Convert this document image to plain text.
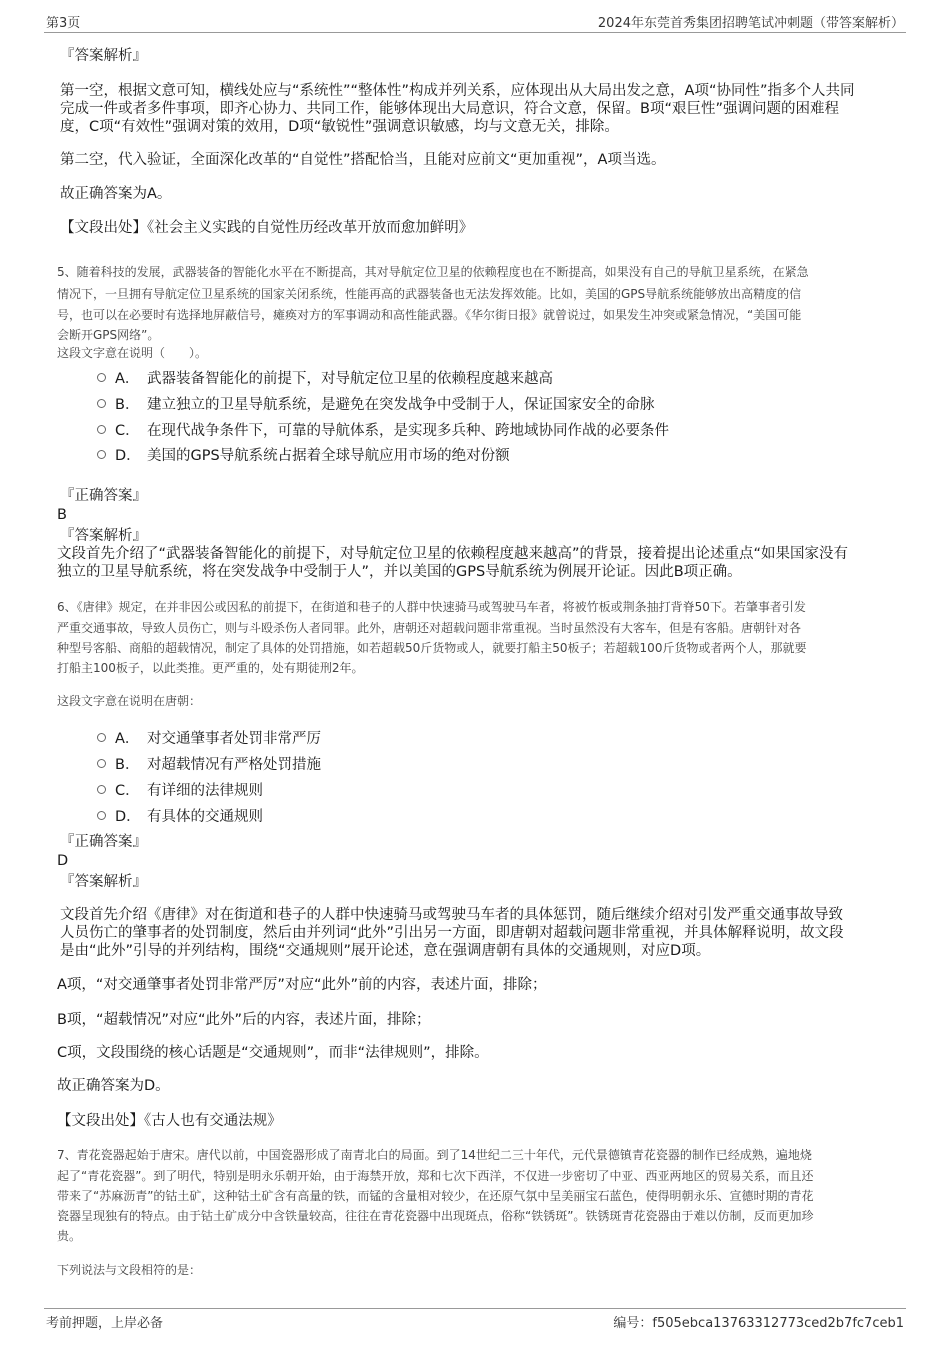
第3页	2024年东莞首秀集团招聘笔试冲刺题（带答案解析）
『答案解析』
第一空，根据文意可知，横线处应与“系统性”“整体性”构成并列关系，应体现出从大局出发之意，A项“协同性”指多个人共同
完成一件或者多件事项，即齐心协力、共同工作，能够体现出大局意识，符合文意，保留。B项“艰巨性”强调问题的困难程
度，C项“有效性”强调对策的效用，D项“敏锐性”强调意识敏感，均与文意无关，排除。
第二空，代入验证，全面深化改革的“自觉性”搭配恰当，且能对应前文“更加重视”，A项当选。
故正确答案为A。
【文段出处】《社会主义实践的自觉性历经改革开放而愈加鲜明》
5、随着科技的发展，武器装备的智能化水平在不断提高，其对导航定位卫星的依赖程度也在不断提高，如果没有自己的导航卫星系统，在紧急
情况下，一旦拥有导航定位卫星系统的国家关闭系统，性能再高的武器装备也无法发挥效能。比如，美国的GPS导航系统能够放出高精度的信
号，也可以在必要时有选择地屏蔽信号，瘫痪对方的军事调动和高性能武器。《华尔街日报》就曾说过，如果发生冲突或紧急情况，“美国可能
会断开GPS网络”。
这段文字意在说明（　　）。
A． 武器装备智能化的前提下，对导航定位卫星的依赖程度越来越高
B． 建立独立的卫星导航系统，是避免在突发战争中受制于人，保证国家安全的命脉
C． 在现代战争条件下，可靠的导航体系，是实现多兵种、跨地域协同作战的必要条件
D． 美国的GPS导航系统占据着全球导航应用市场的绝对份额
『正确答案』
B
『答案解析』
文段首先介绍了“武器装备智能化的前提下，对导航定位卫星的依赖程度越来越高”的背景，接着提出论述重点“如果国家没有
独立的卫星导航系统，将在突发战争中受制于人”，并以美国的GPS导航系统为例展开论证。因此B项正确。
6、《唐律》规定，在并非因公或因私的前提下，在街道和巷子的人群中快速骑马或驾驶马车者，将被竹板或荆条抽打背脊50下。若肇事者引发
严重交通事故，导致人员伤亡，则与斗殴杀伤人者同罪。此外，唐朝还对超载问题非常重视。当时虽然没有大客车，但是有客船。唐朝针对各
种型号客船、商船的超载情况，制定了具体的处罚措施，如若超载50斤货物或人，就要打船主50板子；若超载100斤货物或者两个人，那就要
打船主100板子，以此类推。更严重的，处有期徒刑2年。
这段文字意在说明在唐朝：
A． 对交通肇事者处罚非常严厉
B． 对超载情况有严格处罚措施
C． 有详细的法律规则
D． 有具体的交通规则
『正确答案』
D
『答案解析』
文段首先介绍《唐律》对在街道和巷子的人群中快速骑马或驾驶马车者的具体惩罚，随后继续介绍对引发严重交通事故导致
人员伤亡的肇事者的处罚制度，然后由并列词“此外”引出另一方面，即唐朝对超载问题非常重视，并具体解释说明，故文段
是由“此外”引导的并列结构，围绕“交通规则”展开论述，意在强调唐朝有具体的交通规则，对应D项。
A项，“对交通肇事者处罚非常严厉”对应“此外”前的内容，表述片面，排除；
B项，“超载情况”对应“此外”后的内容，表述片面，排除；
C项，文段围绕的核心话题是“交通规则”，而非“法律规则”，排除。
故正确答案为D。
【文段出处】《古人也有交通法规》
7、青花瓷器起始于唐宋。唐代以前，中国瓷器形成了南青北白的局面。到了14世纪二三十年代，元代景德镇青花瓷器的制作已经成熟，遍地烧
起了“青花瓷器”。到了明代，特别是明永乐朝开始，由于海禁开放，郑和七次下西洋，不仅进一步密切了中亚、西亚两地区的贸易关系，而且还
带来了“苏麻沥青”的钴土矿，这种钴土矿含有高量的铁，而锰的含量相对较少，在还原气氛中呈美丽宝石蓝色，使得明朝永乐、宣德时期的青花
瓷器呈现独有的特点。由于钴土矿成分中含铁量较高，往往在青花瓷器中出现斑点，俗称“铁锈斑”。铁锈斑青花瓷器由于难以仿制，反而更加珍
贵。
下列说法与文段相符的是：
考前押题，上岸必备	编号：f505ebca13763312773ced2b7fc7ceb1
